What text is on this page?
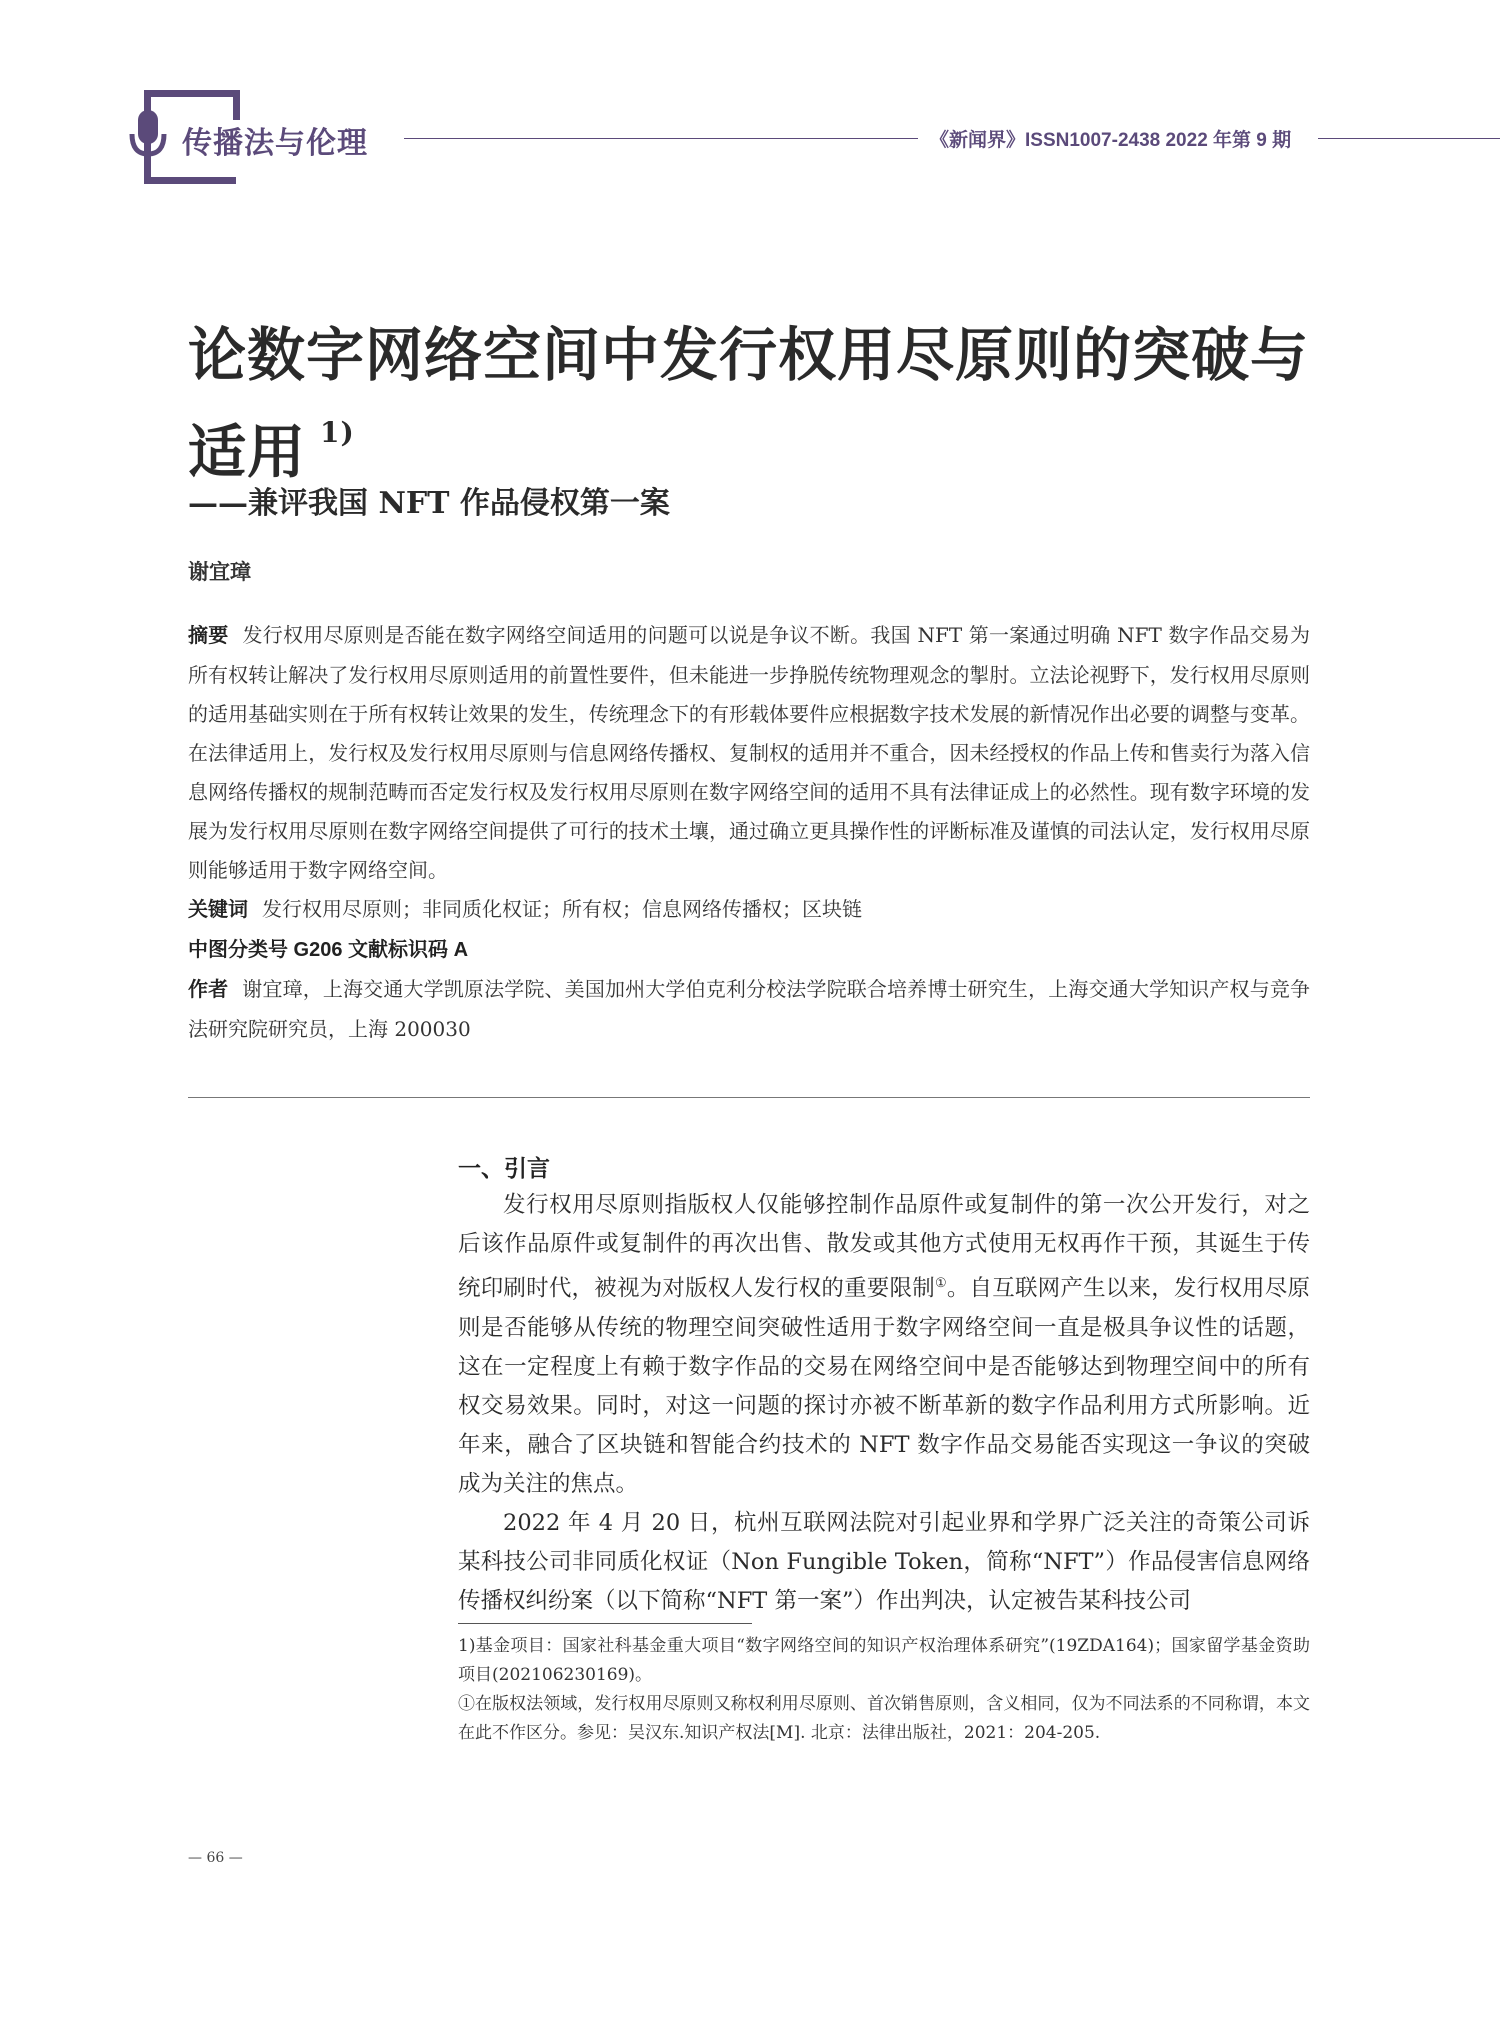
传播法与伦理	《新闻界》ISSN1007-2438 2022 年第 9 期
论数字网络空间中发行权用尽原则的突破与适用 $^{1)}$
——兼评我国 NFT 作品侵权第一案
谢宜璋

摘要 发行权用尽原则是否能在数字网络空间适用的问题可以说是争议不断。我国 NFT 第一案通过明确 NFT 数字作品交易为所有权转让解决了发行权用尽原则适用的前置性要件，但未能进一步挣脱传统物理观念的掣肘。立法论视野下，发行权用尽原则的适用基础实则在于所有权转让效果的发生，传统理念下的有形载体要件应根据数字技术发展的新情况作出必要的调整与变革。在法律适用上，发行权及发行权用尽原则与信息网络传播权、复制权的适用并不重合，因未经授权的作品上传和售卖行为落入信息网络传播权的规制范畴而否定发行权及发行权用尽原则在数字网络空间的适用不具有法律证成上的必然性。现有数字环境的发展为发行权用尽原则在数字网络空间提供了可行的技术土壤，通过确立更具操作性的评断标准及谨慎的司法认定，发行权用尽原则能够适用于数字网络空间。

关键词 发行权用尽原则；非同质化权证；所有权；信息网络传播权；区块链

中图分类号 G206 文献标识码 A

作者 谢宜璋，上海交通大学凯原法学院、美国加州大学伯克利分校法学院联合培养博士研究生，上海交通大学知识产权与竞争法研究院研究员，上海 200030

一、引言

发行权用尽原则指版权人仅能够控制作品原件或复制件的第一次公开发行，对之后该作品原件或复制件的再次出售、散发或其他方式使用无权再作干预，其诞生于传统印刷时代，被视为对版权人发行权的重要限制①。自互联网产生以来，发行权用尽原则是否能够从传统的物理空间突破性适用于数字网络空间一直是极具争议性的话题，这在一定程度上有赖于数字作品的交易在网络空间中是否能够达到物理空间中的所有权交易效果。同时，对这一问题的探讨亦被不断革新的数字作品利用方式所影响。近年来，融合了区块链和智能合约技术的 NFT 数字作品交易能否实现这一争议的突破成为关注的焦点。

2022 年 4 月 20 日，杭州互联网法院对引起业界和学界广泛关注的奇策公司诉某科技公司非同质化权证（Non Fungible Token，简称“NFT”）作品侵害信息网络传播权纠纷案（以下简称“NFT 第一案”）作出判决，认定被告某科技公司

1)基金项目：国家社科基金重大项目“数字网络空间的知识产权治理体系研究”(19ZDA164)；国家留学基金资助项目(202106230169)。

①在版权法领域，发行权用尽原则又称权利用尽原则、首次销售原则，含义相同，仅为不同法系的不同称谓，本文在此不作区分。参见：吴汉东.知识产权法[M]. 北京：法律出版社，2021：204-205.

— 66 —
